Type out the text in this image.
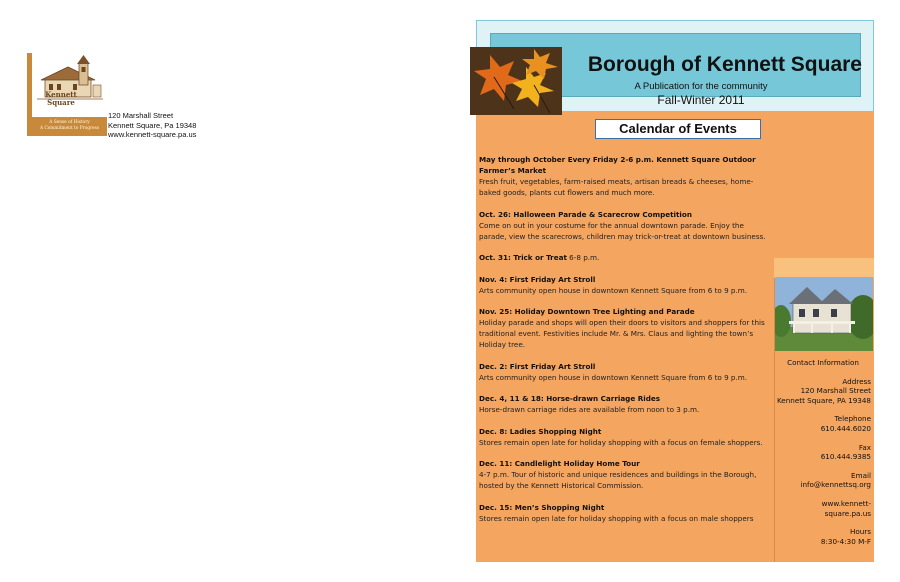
Kennett
Square
A Sense of History
A Commitment to Progress
120 Marshall Street
Kennett Square, Pa 19348
www.kennett-square.pa.us
Borough of Kennett Square
A Publication for the community
Fall-Winter 2011
Calendar of Events
May through October Every Friday 2-6 p.m. Kennett Square Outdoor Farmer’s Market
Fresh fruit, vegetables, farm-raised meats, artisan breads & cheeses, home-baked goods, plants cut flowers and much more.
Oct. 26: Halloween Parade & Scarecrow Competition
Come on out in your costume for the annual downtown parade. Enjoy the parade, view the scarecrows, children may trick-or-treat at downtown business.
Oct. 31: Trick or Treat 6-8 p.m.
Nov. 4: First Friday Art Stroll
Arts community open house in downtown Kennett Square from 6 to 9 p.m.
Nov. 25: Holiday Downtown Tree Lighting and Parade
Holiday parade and shops will open their doors to visitors and shoppers for this traditional event. Festivities include Mr. & Mrs. Claus and lighting the town’s Holiday tree.
Dec. 2: First Friday Art Stroll
Arts community open house in downtown Kennett Square from 6 to 9 p.m.
Dec. 4, 11 & 18: Horse-drawn Carriage Rides
Horse-drawn carriage rides are available from noon to 3 p.m.
Dec. 8: Ladies Shopping Night
Stores remain open late for holiday shopping with a focus on female shoppers.
Dec. 11: Candlelight Holiday Home Tour
4-7 p.m. Tour of historic and unique residences and buildings in the Borough, hosted by the Kennett Historical Commission.
Dec. 15: Men’s Shopping Night
Stores remain open late for holiday shopping with a focus on male shoppers
Contact Information
Address
120 Marshall Street
Kennett Square, PA 19348
Telephone
610.444.6020
Fax
610.444.9385
Email
info@kennettsq.org
www.kennett-
square.pa.us
Hours
8:30-4:30 M-F
